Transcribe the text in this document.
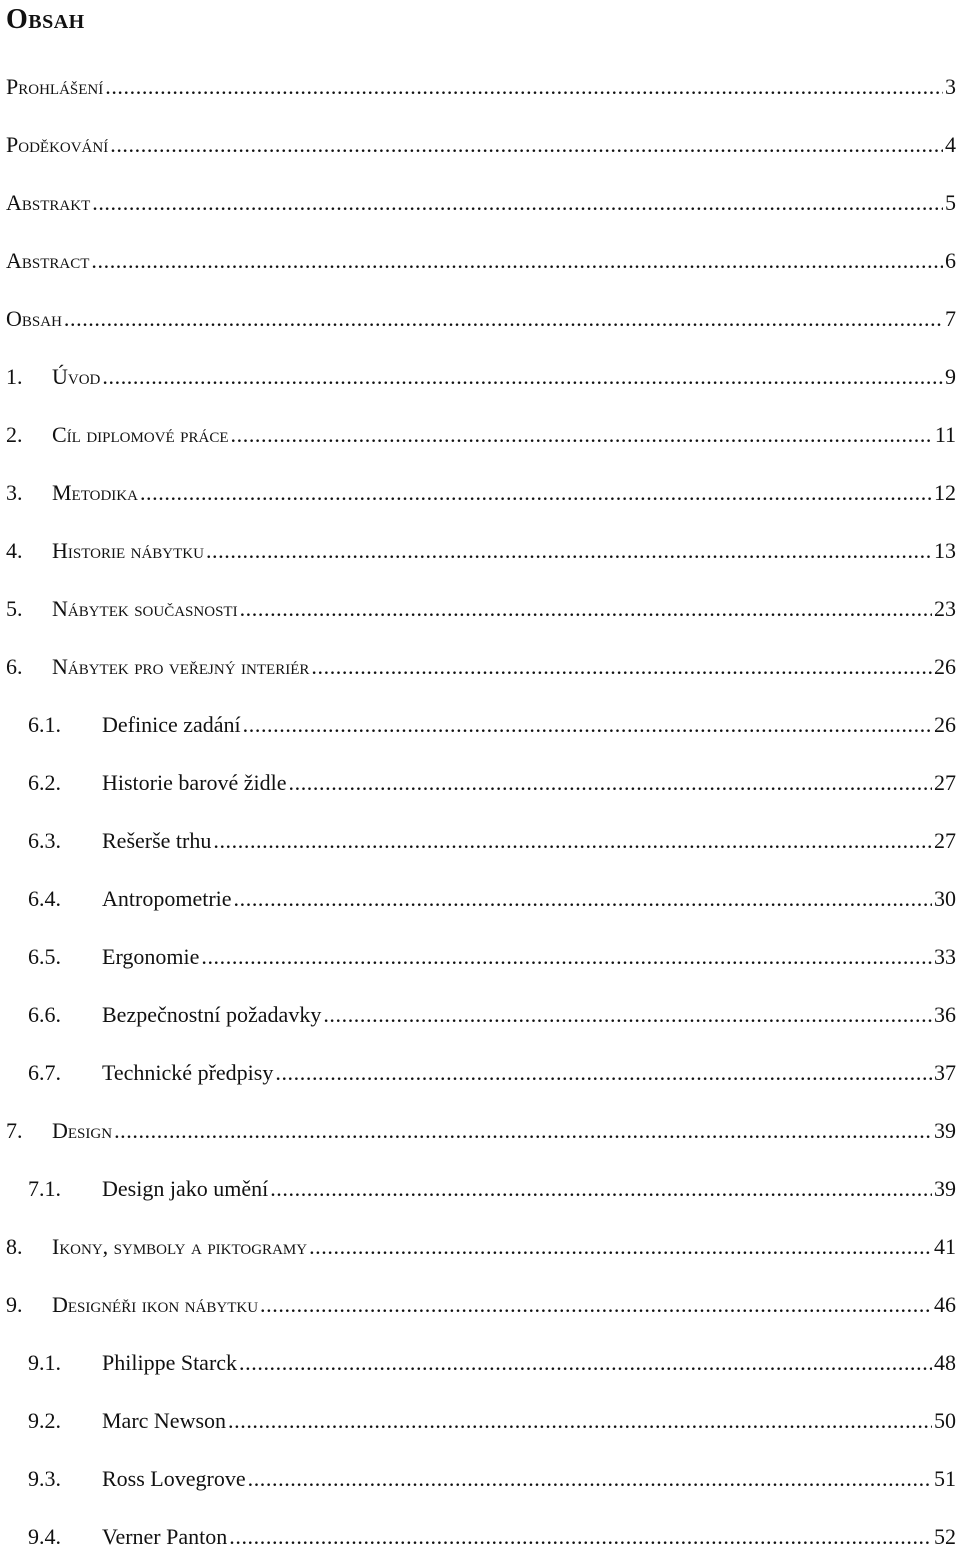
Obsah
Prohlášení .....	3
Poděkování .....	4
Abstrakt .....	5
Abstract .....	6
Obsah .....	7
1. Úvod .....	9
2. Cíl diplomové práce .....	11
3. Metodika .....	12
4. Historie nábytku .....	13
5. Nábytek současnosti .....	23
6. Nábytek pro veřejný interiér .....	26
6.1. Definice zadání .....	26
6.2. Historie barové židle .....	27
6.3. Rešerše trhu .....	27
6.4. Antropometrie .....	30
6.5. Ergonomie .....	33
6.6. Bezpečnostní požadavky .....	36
6.7. Technické předpisy .....	37
7. Design .....	39
7.1. Design jako umění .....	39
8. Ikony, symboly a piktogramy .....	41
9. Designéři ikon nábytku .....	46
9.1. Philippe Starck .....	48
9.2. Marc Newson .....	50
9.3. Ross Lovegrove .....	51
9.4. Verner Panton .....	52
